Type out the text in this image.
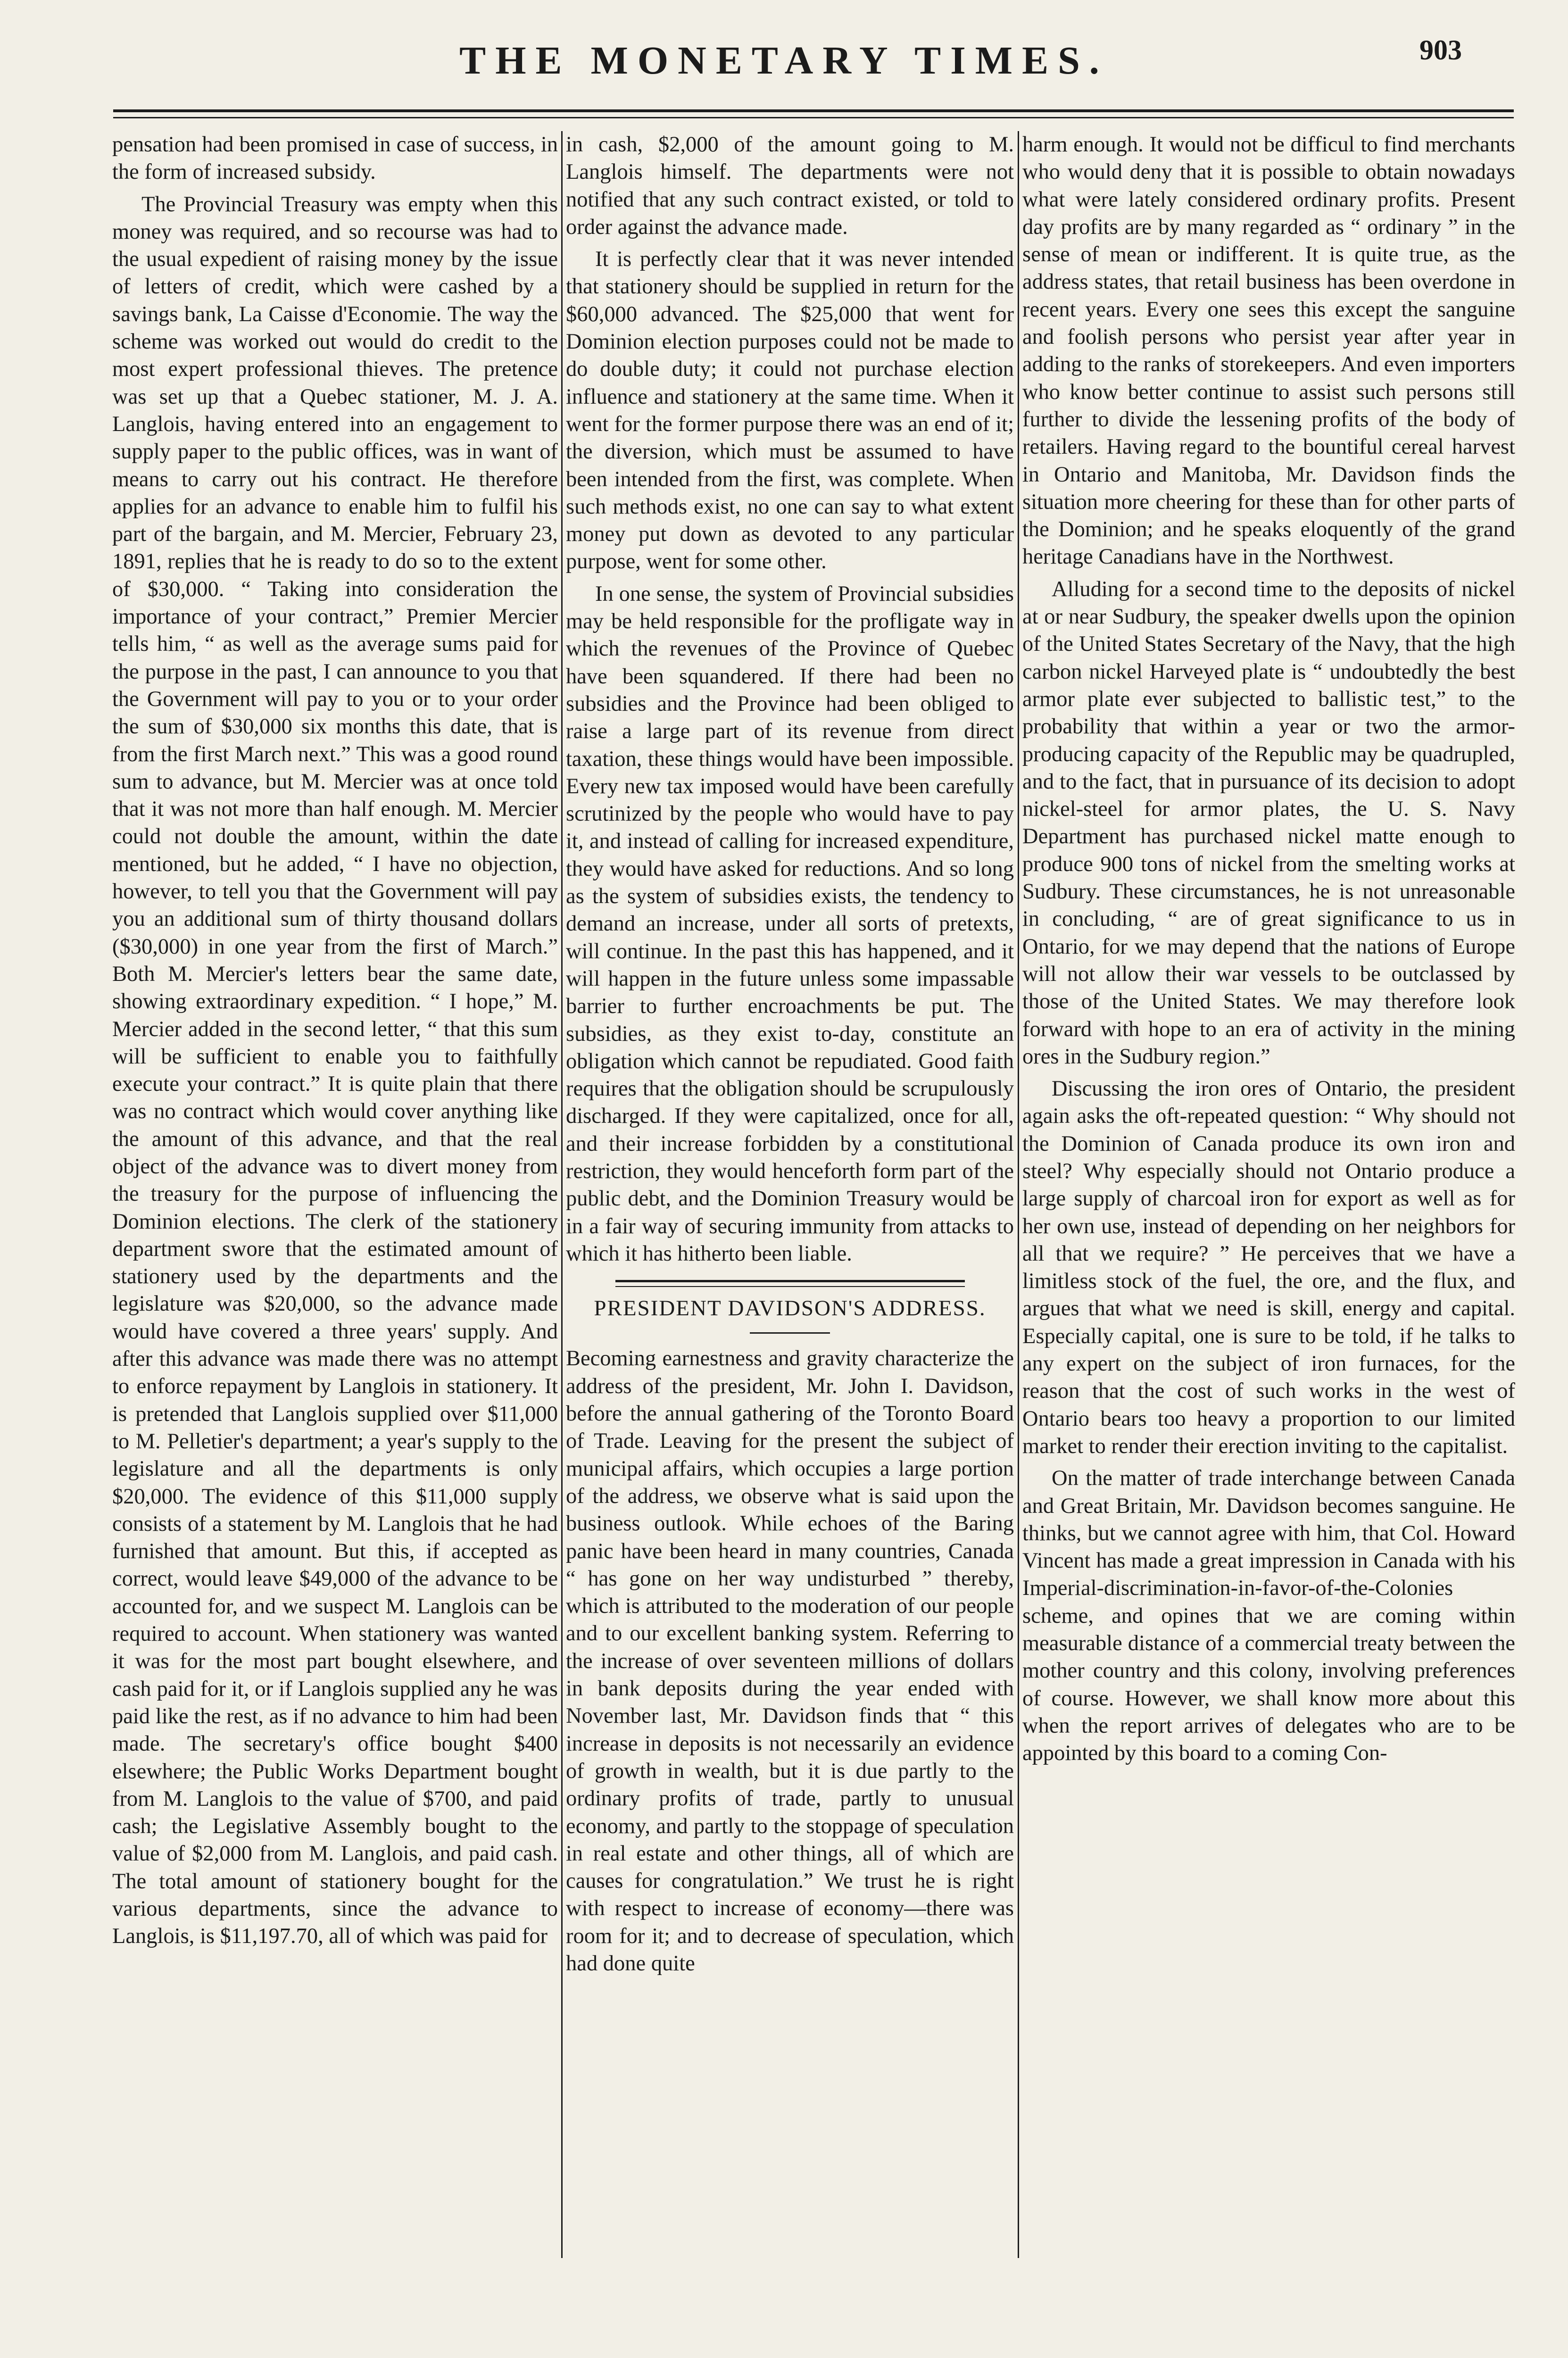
THE MONETARY TIMES.	903

pensation had been promised in case of success, in the form of increased subsidy.

The Provincial Treasury was empty when this money was required, and so recourse was had to the usual expedient of raising money by the issue of letters of credit, which were cashed by a savings bank, La Caisse d'Economie. The way the scheme was worked out would do credit to the most expert professional thieves. The pretence was set up that a Quebec stationer, M. J. A. Langlois, having entered into an engagement to supply paper to the public offices, was in want of means to carry out his contract. He therefore applies for an advance to enable him to fulfil his part of the bargain, and M. Mercier, February 23, 1891, replies that he is ready to do so to the extent of $30,000. “ Taking into consideration the importance of your contract,” Premier Mercier tells him, “ as well as the average sums paid for the purpose in the past, I can announce to you that the Government will pay to you or to your order the sum of $30,000 six months this date, that is from the first March next.” This was a good round sum to advance, but M. Mercier was at once told that it was not more than half enough. M. Mercier could not double the amount, within the date mentioned, but he added, “ I have no objection, however, to tell you that the Government will pay you an additional sum of thirty thousand dollars ($30,000) in one year from the first of March.” Both M. Mercier's letters bear the same date, showing extraordinary expedition. “ I hope,” M. Mercier added in the second letter, “ that this sum will be sufficient to enable you to faithfully execute your contract.” It is quite plain that there was no contract which would cover anything like the amount of this advance, and that the real object of the advance was to divert money from the treasury for the purpose of influencing the Dominion elections. The clerk of the stationery department swore that the estimated amount of stationery used by the departments and the legislature was $20,000, so the advance made would have covered a three years' supply. And after this advance was made there was no attempt to enforce repayment by Langlois in stationery. It is pretended that Langlois supplied over $11,000 to M. Pelletier's department; a year's supply to the legislature and all the departments is only $20,000. The evidence of this $11,000 supply consists of a statement by M. Langlois that he had furnished that amount. But this, if accepted as correct, would leave $49,000 of the advance to be accounted for, and we suspect M. Langlois can be required to account. When stationery was wanted it was for the most part bought elsewhere, and cash paid for it, or if Langlois supplied any he was paid like the rest, as if no advance to him had been made. The secretary's office bought $400 elsewhere; the Public Works Department bought from M. Langlois to the value of $700, and paid cash; the Legislative Assembly bought to the value of $2,000 from M. Langlois, and paid cash. The total amount of stationery bought for the various departments, since the advance to Langlois, is $11,197.70, all of which was paid for

in cash, $2,000 of the amount going to M. Langlois himself. The departments were not notified that any such contract existed, or told to order against the advance made.

It is perfectly clear that it was never intended that stationery should be supplied in return for the $60,000 advanced. The $25,000 that went for Dominion election purposes could not be made to do double duty; it could not purchase election influence and stationery at the same time. When it went for the former purpose there was an end of it; the diversion, which must be assumed to have been intended from the first, was complete. When such methods exist, no one can say to what extent money put down as devoted to any particular purpose, went for some other.

In one sense, the system of Provincial subsidies may be held responsible for the profligate way in which the revenues of the Province of Quebec have been squandered. If there had been no subsidies and the Province had been obliged to raise a large part of its revenue from direct taxation, these things would have been impossible. Every new tax imposed would have been carefully scrutinized by the people who would have to pay it, and instead of calling for increased expenditure, they would have asked for reductions. And so long as the system of subsidies exists, the tendency to demand an increase, under all sorts of pretexts, will continue. In the past this has happened, and it will happen in the future unless some impassable barrier to further encroachments be put. The subsidies, as they exist to-day, constitute an obligation which cannot be repudiated. Good faith requires that the obligation should be scrupulously discharged. If they were capitalized, once for all, and their increase forbidden by a constitutional restriction, they would henceforth form part of the public debt, and the Dominion Treasury would be in a fair way of securing immunity from attacks to which it has hitherto been liable.

PRESIDENT DAVIDSON'S ADDRESS.

Becoming earnestness and gravity characterize the address of the president, Mr. John I. Davidson, before the annual gathering of the Toronto Board of Trade. Leaving for the present the subject of municipal affairs, which occupies a large portion of the address, we observe what is said upon the business outlook. While echoes of the Baring panic have been heard in many countries, Canada “ has gone on her way undisturbed ” thereby, which is attributed to the moderation of our people and to our excellent banking system. Referring to the increase of over seventeen millions of dollars in bank deposits during the year ended with November last, Mr. Davidson finds that “ this increase in deposits is not necessarily an evidence of growth in wealth, but it is due partly to the ordinary profits of trade, partly to unusual economy, and partly to the stoppage of speculation in real estate and other things, all of which are causes for congratulation.” We trust he is right with respect to increase of economy—there was room for it; and to decrease of speculation, which had done quite

harm enough. It would not be difficul to find merchants who would deny that it is possible to obtain nowadays what were lately considered ordinary profits. Present day profits are by many regarded as “ ordinary ” in the sense of mean or indifferent. It is quite true, as the address states, that retail business has been overdone in recent years. Every one sees this except the sanguine and foolish persons who persist year after year in adding to the ranks of storekeepers. And even importers who know better continue to assist such persons still further to divide the lessening profits of the body of retailers. Having regard to the bountiful cereal harvest in Ontario and Manitoba, Mr. Davidson finds the situation more cheering for these than for other parts of the Dominion; and he speaks eloquently of the grand heritage Canadians have in the Northwest.

Alluding for a second time to the deposits of nickel at or near Sudbury, the speaker dwells upon the opinion of the United States Secretary of the Navy, that the high carbon nickel Harveyed plate is “ undoubtedly the best armor plate ever subjected to ballistic test,” to the probability that within a year or two the armor-producing capacity of the Republic may be quadrupled, and to the fact, that in pursuance of its decision to adopt nickel-steel for armor plates, the U. S. Navy Department has purchased nickel matte enough to produce 900 tons of nickel from the smelting works at Sudbury. These circumstances, he is not unreasonable in concluding, “ are of great significance to us in Ontario, for we may depend that the nations of Europe will not allow their war vessels to be outclassed by those of the United States. We may therefore look forward with hope to an era of activity in the mining ores in the Sudbury region.”

Discussing the iron ores of Ontario, the president again asks the oft-repeated question: “ Why should not the Dominion of Canada produce its own iron and steel? Why especially should not Ontario produce a large supply of charcoal iron for export as well as for her own use, instead of depending on her neighbors for all that we require? ” He perceives that we have a limitless stock of the fuel, the ore, and the flux, and argues that what we need is skill, energy and capital. Especially capital, one is sure to be told, if he talks to any expert on the subject of iron furnaces, for the reason that the cost of such works in the west of Ontario bears too heavy a proportion to our limited market to render their erection inviting to the capitalist.

On the matter of trade interchange between Canada and Great Britain, Mr. Davidson becomes sanguine. He thinks, but we cannot agree with him, that Col. Howard Vincent has made a great impression in Canada with his Imperial-discrimination-in-favor-of-the-Colonies scheme, and opines that we are coming within measurable distance of a commercial treaty between the mother country and this colony, involving preferences of course. However, we shall know more about this when the report arrives of delegates who are to be appointed by this board to a coming Con-
